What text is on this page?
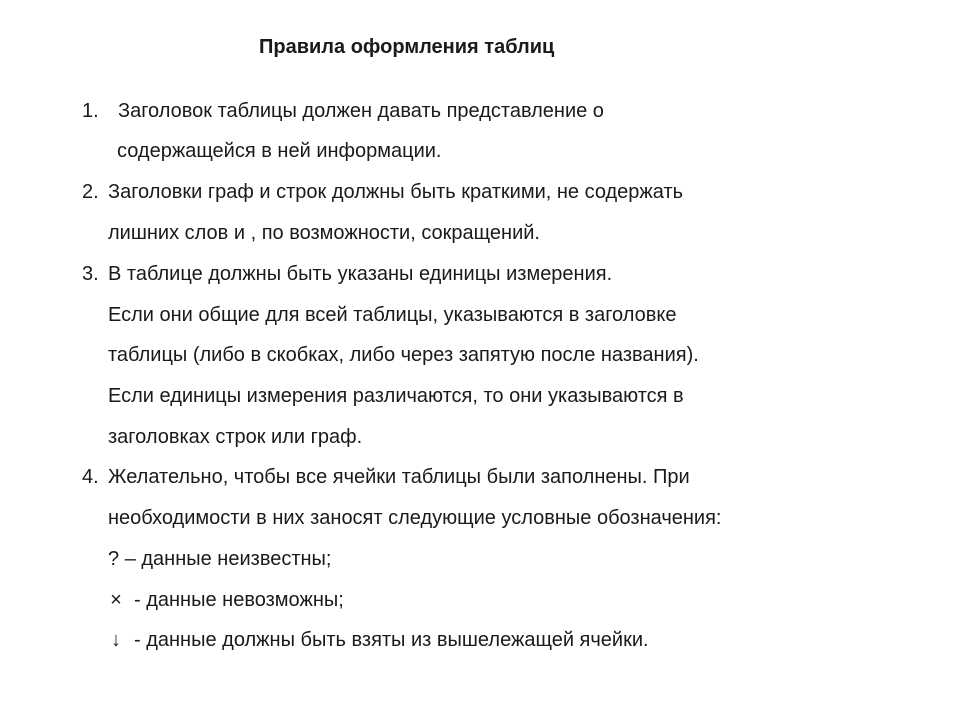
Правила оформления таблиц
1. Заголовок таблицы должен давать представление о
содержащейся в ней информации.
2. Заголовки граф и строк должны быть краткими, не содержать
лишних слов и , по возможности, сокращений.
3. В таблице должны быть указаны единицы измерения.
Если они общие для всей таблицы, указываются в заголовке
таблицы (либо в скобках, либо через запятую после названия).
Если единицы измерения различаются, то они указываются в
заголовках строк или граф.
4. Желательно, чтобы все ячейки таблицы были заполнены. При
необходимости в них заносят следующие условные обозначения:
? – данные неизвестны;
× - данные невозможны;
↓ - данные должны быть взяты из вышележащей ячейки.
